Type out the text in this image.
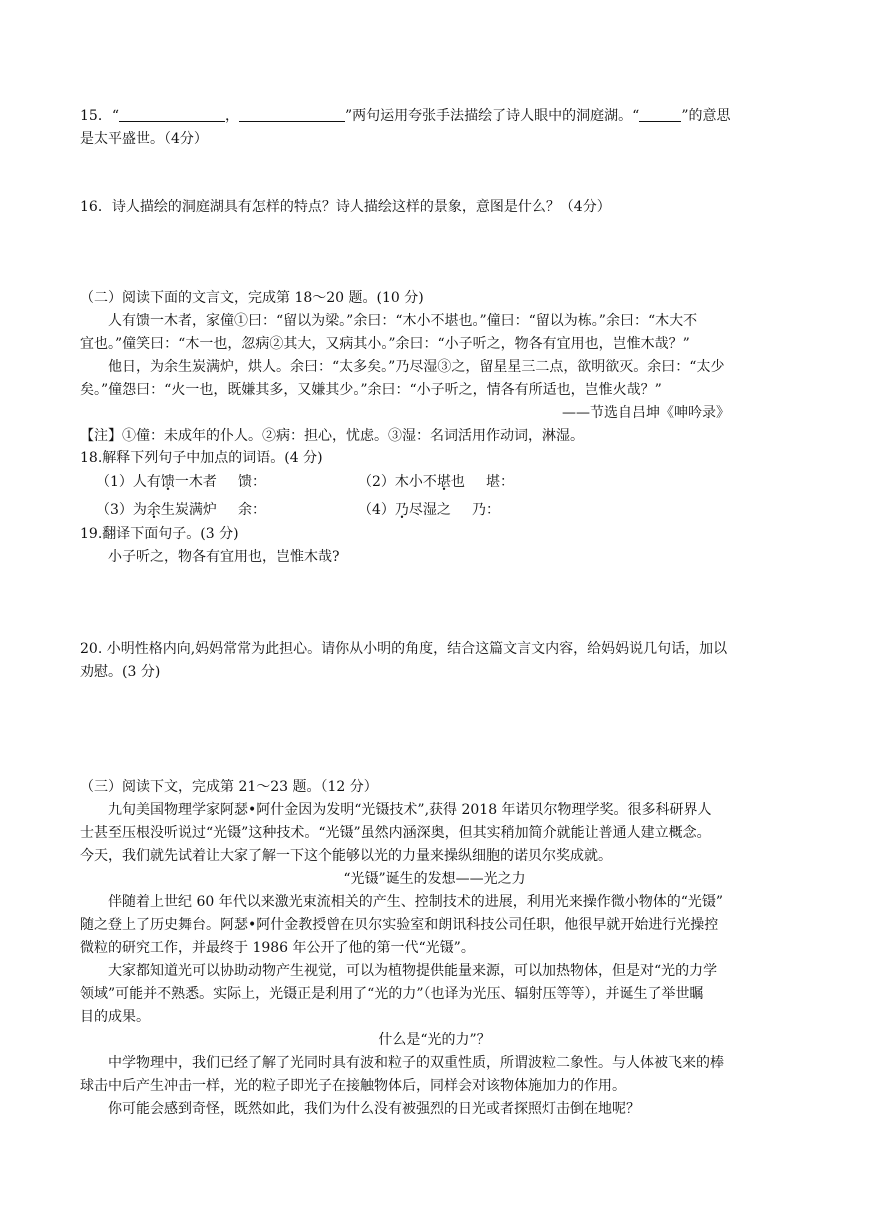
15．“	，	”两句运用夸张手法描绘了诗人眼中的洞庭湖。“	”的意思
是太平盛世。（4分）
16．诗人描绘的洞庭湖具有怎样的特点？诗人描绘这样的景象，意图是什么？（4分）
（二）阅读下面的文言文，完成第 18～20 题。(10 分)
人有馈一木者，家僮①曰：“留以为梁。”余曰：“木小不堪也。”僮曰：“留以为栋。”余曰：“木大不
宜也。”僮笑曰：“木一也，忽病②其大，又病其小。”余曰：“小子听之，物各有宜用也，岂惟木哉？”
他日，为余生炭满炉，烘人。余曰：“太多矣。”乃尽湿③之，留星星三二点，欲明欲灭。余曰：“太少
矣。”僮怨曰：“火一也，既嫌其多，又嫌其少。”余曰：“小子听之，情各有所适也，岂惟火哉？”
——节选自吕坤《呻吟录》
【注】①僮：未成年的仆人。②病：担心，忧虑。③湿：名词活用作动词，淋湿。
18.解释下列句子中加点的词语。(4 分)
（1）人有馈一木者 馈：	（2）木小不堪也 堪：
（3）为余生炭满炉 余：	（4）乃尽湿之 乃：
19.翻译下面句子。(3 分)
小子听之，物各有宜用也，岂惟木哉?
20. 小明性格内向,妈妈常常为此担心。请你从小明的角度，结合这篇文言文内容，给妈妈说几句话，加以
劝慰。(3 分)
（三）阅读下文，完成第 21～23 题。（12 分）
九旬美国物理学家阿瑟•阿什金因为发明“光镊技术”,获得 2018 年诺贝尔物理学奖。很多科研界人
士甚至压根没听说过“光镊”这种技术。“光镊”虽然内涵深奥，但其实稍加简介就能让普通人建立概念。
今天，我们就先试着让大家了解一下这个能够以光的力量来操纵细胞的诺贝尔奖成就。
“光镊”诞生的发想——光之力
伴随着上世纪 60 年代以来激光束流相关的产生、控制技术的进展，利用光来操作微小物体的“光镊”
随之登上了历史舞台。阿瑟•阿什金教授曾在贝尔实验室和朗讯科技公司任职，他很早就开始进行光操控
微粒的研究工作，并最终于 1986 年公开了他的第一代“光镊”。
大家都知道光可以协助动物产生视觉，可以为植物提供能量来源，可以加热物体，但是对“光的力学
领域”可能并不熟悉。实际上，光镊正是利用了“光的力”（也译为光压、辐射压等等），并诞生了举世瞩
目的成果。
什么是“光的力”？
中学物理中，我们已经了解了光同时具有波和粒子的双重性质，所谓波粒二象性。与人体被飞来的棒
球击中后产生冲击一样，光的粒子即光子在接触物体后，同样会对该物体施加力的作用。
你可能会感到奇怪，既然如此，我们为什么没有被强烈的日光或者探照灯击倒在地呢？
